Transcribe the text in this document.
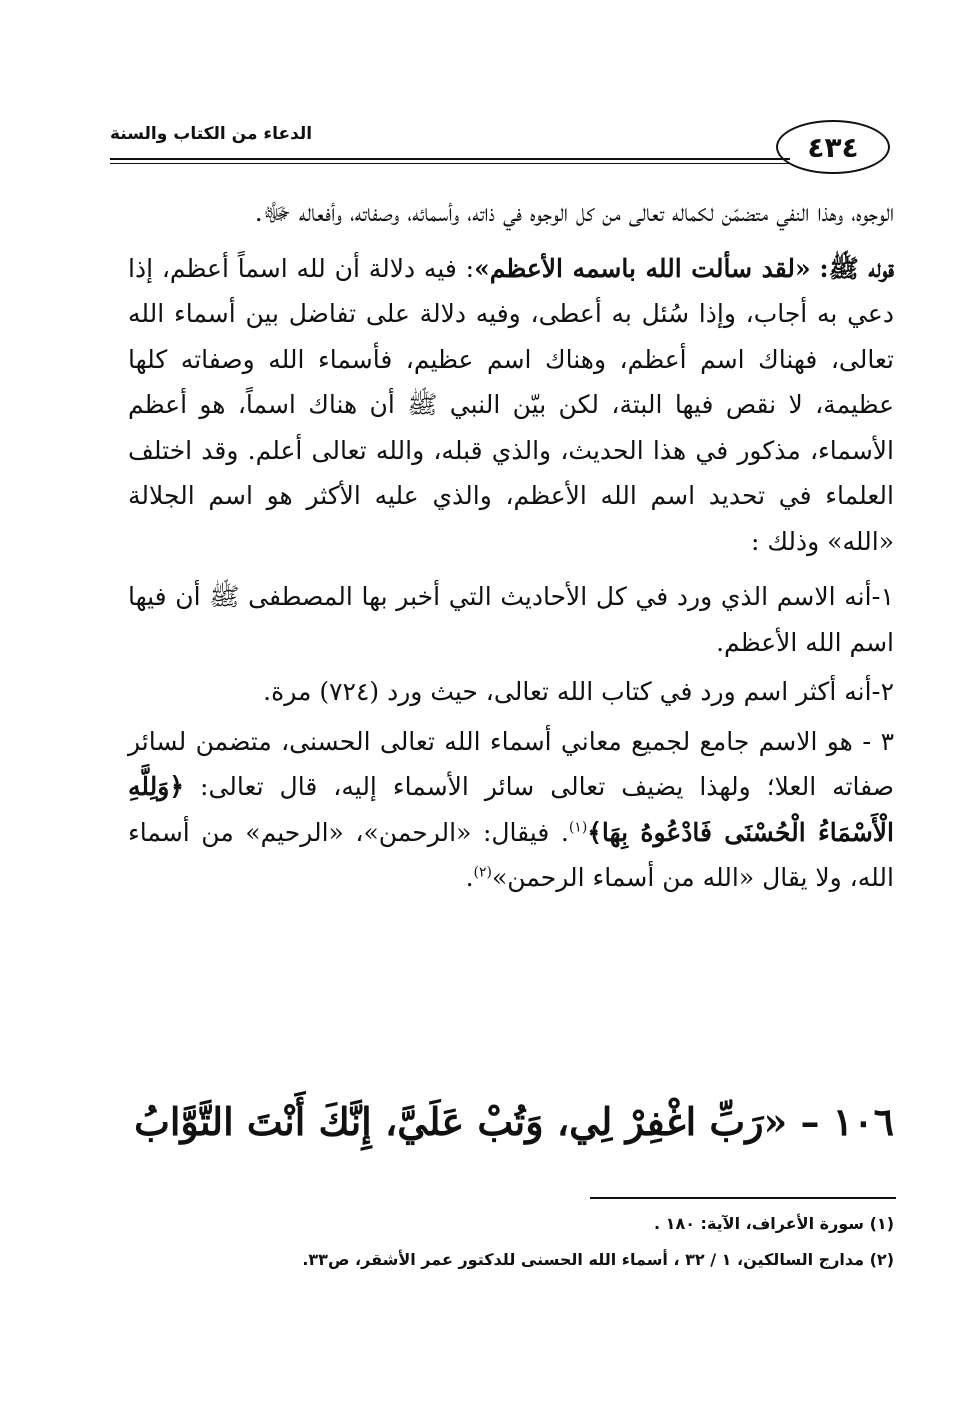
٤٣٤
الدعاء من الكتاب والسنة

الوجوه، وهذا النفي متضمّن لكماله تعالى من كل الوجوه في ذاته، وأسمائه، وصفاته، وأفعاله ﷻ.

قوله ﷺ: «لقد سألت الله باسمه الأعظم»: فيه دلالة أن لله اسماً أعظم، إذا دعي به أجاب، وإذا سُئل به أعطى، وفيه دلالة على تفاضل بين أسماء الله تعالى، فهناك اسم أعظم، وهناك اسم عظيم، فأسماء الله وصفاته كلها عظيمة، لا نقص فيها البتة، لكن بيّن النبي ﷺ أن هناك اسماً، هو أعظم الأسماء، مذكور في هذا الحديث، والذي قبله، والله تعالى أعلم. وقد اختلف العلماء في تحديد اسم الله الأعظم، والذي عليه الأكثر هو اسم الجلالة «الله» وذلك :

١-أنه الاسم الذي ورد في كل الأحاديث التي أخبر بها المصطفى ﷺ أن فيها اسم الله الأعظم.
٢-أنه أكثر اسم ورد في كتاب الله تعالى، حيث ورد (٧٢٤) مرة.
٣ - هو الاسم جامع لجميع معاني أسماء الله تعالى الحسنى، متضمن لسائر صفاته العلا؛ ولهذا يضيف تعالى سائر الأسماء إليه، قال تعالى: ﴿وَلِلَّهِ الْأَسْمَاءُ الْحُسْنَى فَادْعُوهُ بِهَا﴾$^{(١)}$. فيقال: «الرحمن»، «الرحيم» من أسماء الله، ولا يقال «الله من أسماء الرحمن»$^{(٢)}$.
١٠٦ – «رَبِّ اغْفِرْ لِي، وَتُبْ عَلَيَّ، إِنَّكَ أَنْتَ التَّوَّابُ
(١) سورة الأعراف، الآية: ١٨٠ .
(٢) مدارج السالكين، ١ / ٣٢ ، أسماء الله الحسنى للدكتور عمر الأشقر، ص٣٣.
